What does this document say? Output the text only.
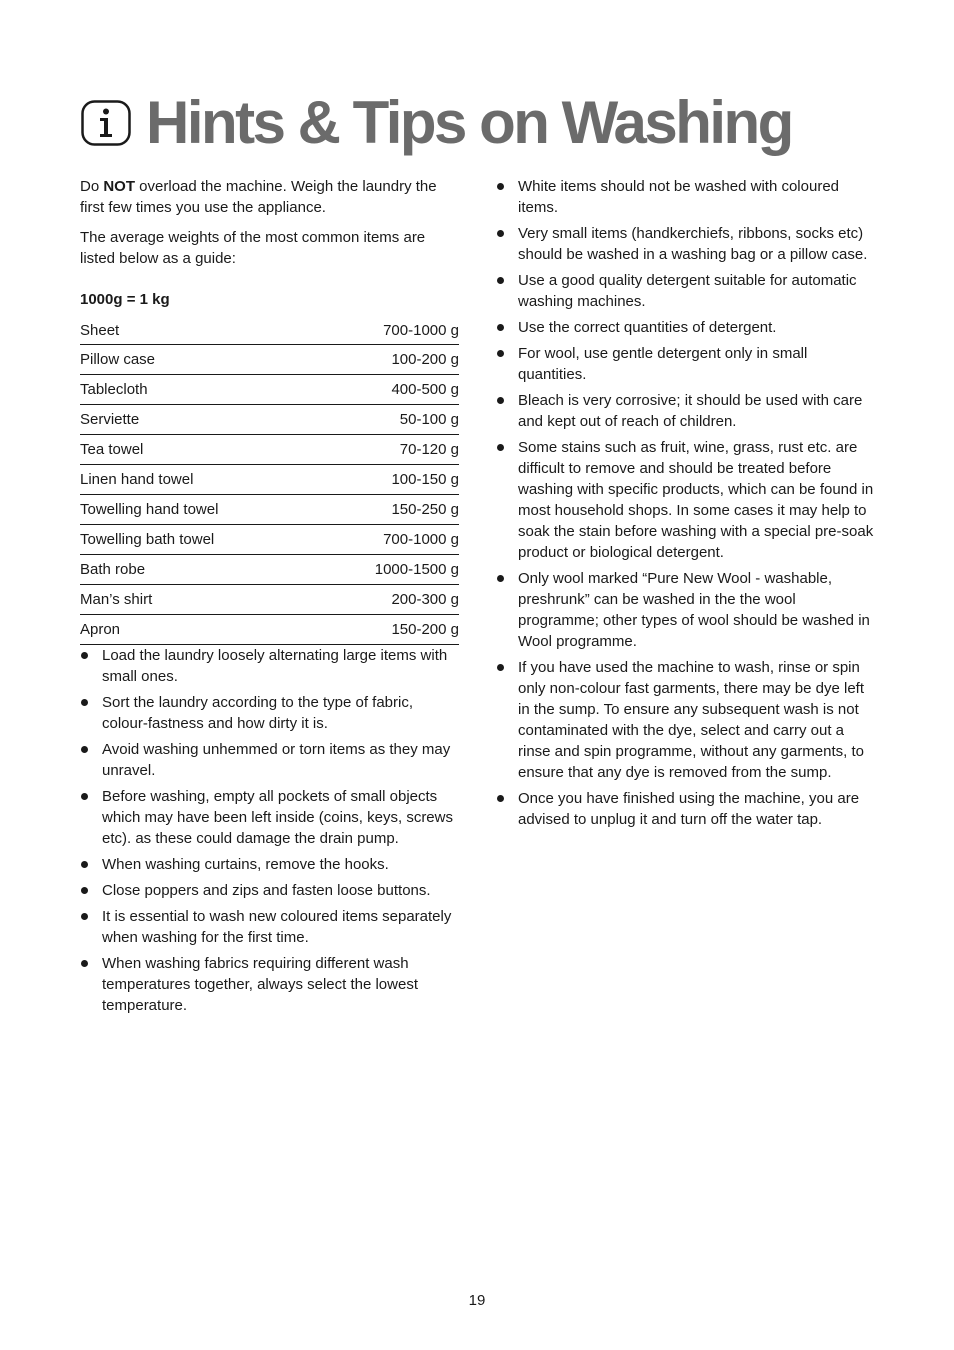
Hints & Tips on Washing

Do NOT overload the machine. Weigh the laundry the first few times you use the appliance.

The average weights of the most common items are listed below as a guide:

1000g = 1 kg
Sheet	700-1000 g
Pillow case	100-200 g
Tablecloth	400-500 g
Serviette	50-100 g
Tea towel	70-120 g
Linen hand towel	100-150 g
Towelling hand towel	150-250 g
Towelling bath towel	700-1000 g
Bath robe	1000-1500 g
Man’s shirt	200-300 g
Apron	150-200 g
Load the laundry loosely alternating large items with small ones.
Sort the laundry according to the type of fabric, colour-fastness and how dirty it is.
Avoid washing unhemmed or torn items as they may unravel.
Before washing, empty all pockets of small objects which may have been left inside (coins, keys, screws etc). as these could damage the drain pump.
When washing curtains, remove the hooks.
Close poppers and zips and fasten loose buttons.
It is essential to wash new coloured items separately when washing for the first time.
When washing fabrics requiring different wash temperatures together, always select the lowest temperature.
White items should not be washed with coloured items.
Very small items (handkerchiefs, ribbons, socks etc) should be washed in a washing bag or a pillow case.
Use a good quality detergent suitable for automatic washing machines.
Use the correct quantities of detergent.
For wool, use gentle detergent only in small quantities.
Bleach is very corrosive; it should be used with care and kept out of reach of children.
Some stains such as fruit, wine, grass, rust etc. are difficult to remove and should be treated before washing with specific products, which can be found in most household shops. In some cases it may help to soak the stain before washing with a special pre-soak product or biological detergent.
Only wool marked “Pure New Wool - washable, preshrunk” can be washed in the the wool programme; other types of wool should be washed in Wool programme.
If you have used the machine to wash, rinse or spin only non-colour fast garments, there may be dye left in the sump. To ensure any subsequent wash is not contaminated with the dye, select and carry out a rinse and spin programme, without any garments, to ensure that any dye is removed from the sump.
Once you have finished using the machine, you are advised to unplug it and turn off the water tap.
19
